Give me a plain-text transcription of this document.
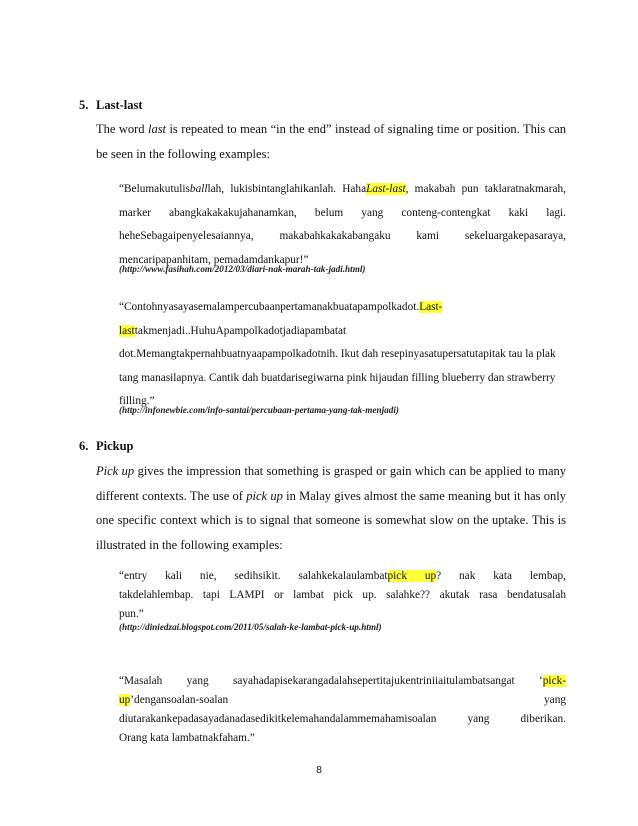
5. Last-last
The word last is repeated to mean “in the end” instead of signaling time or position. This can be seen in the following examples:
“Belumakutulisballlah, lukisbintanglahikanlah. HahaLast-last, makabah pun taklaratnakmarah,
marker abangkakakakujahanamkan, belum yang conteng-contengkat kaki lagi.
heheSebagaipenyelesaiannya, makabahkakakabangaku kami sekeluargakepasaraya,
mencaripapanhitam, pemadamdankapur!”
(http://www.fasihah.com/2012/03/diari-nak-marah-tak-jadi.html)
“Contohnyasayasemalampercubaanpertamanakbuatapampolkadot.Last-
lasttakmenjadi..HuhuApampolkadotjadiapambatat
dot.Memangtakpernahbuatnyaapampolkadotnih. Ikut dah resepinyasatupersatutapitak tau la plak
tang manasilapnya. Cantik dah buatdarisegiwarna pink hijaudan filling blueberry dan strawberry
filling.”
(http://infonewbie.com/info-santai/percubaan-pertama-yang-tak-menjadi)
6. Pickup
Pick up gives the impression that something is grasped or gain which can be applied to many different contexts. The use of pick up in Malay gives almost the same meaning but it has only one specific context which is to signal that someone is somewhat slow on the uptake. This is illustrated in the following examples:
“entry kali nie, sedihsikit. salahkekalaulambatpick up? nak kata lembap,
takdelahlembap. tapi LAMPI or lambat pick up. salahke?? akutak rasa bendatusalah
pun.”
(http://diniedzai.blogspot.com/2011/05/salah-ke-lambat-pick-up.html)
“Masalah yang sayahadapisekarangadalahsepertitajukentriniiaitulambatsangat ‘pick-
up’dengansoalan-soalan yang
diutarakankepadasayadanadasedikitkelemahandalammemahamisoalan yang diberikan.
Orang kata lambatnakfaham.”
8
